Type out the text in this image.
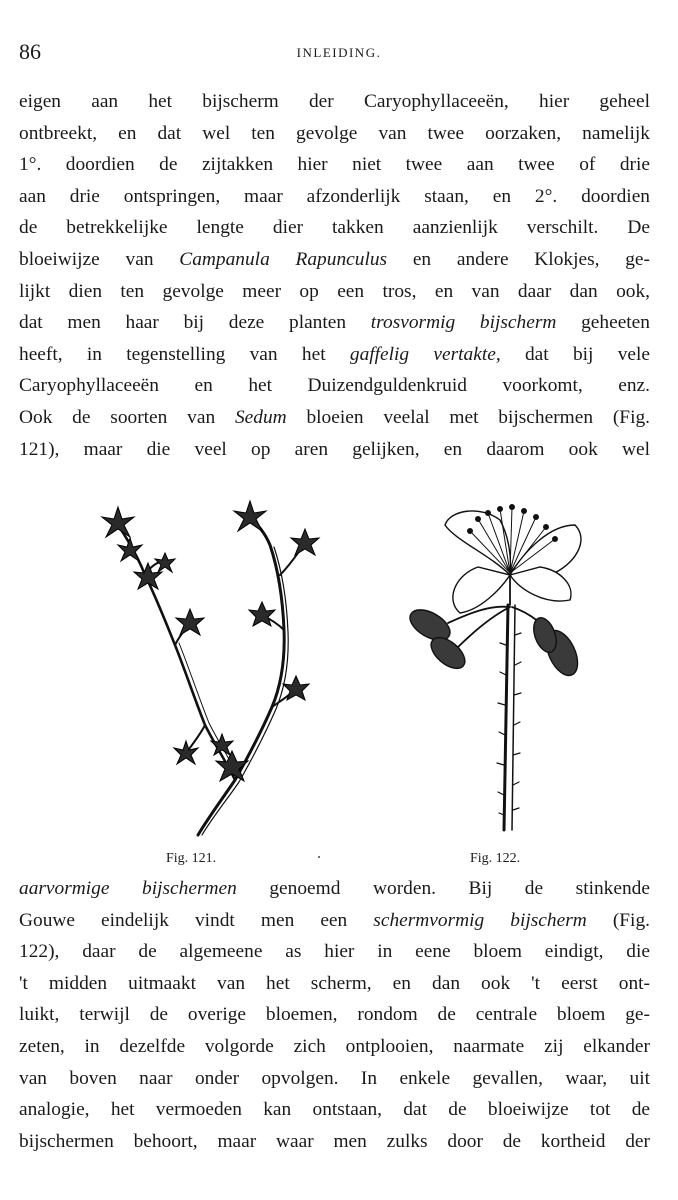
86	INLEIDING.
eigen aan het bijscherm der Caryophyllaceeën, hier geheel
ontbreekt, en dat wel ten gevolge van twee oorzaken, namelijk
1°. doordien de zijtakken hier niet twee aan twee of drie
aan drie ontspringen, maar afzonderlijk staan, en 2°. doordien
de betrekkelijke lengte dier takken aanzienlijk verschilt. De
bloeiwijze van Campanula Rapunculus en andere Klokjes, ge-
lijkt dien ten gevolge meer op een tros, en van daar dan ook,
dat men haar bij deze planten trosvormig bijscherm geheeten
heeft, in tegenstelling van het gaffelig vertakte, dat bij vele
Caryophyllaceeën en het Duizendguldenkruid voorkomt, enz.
Ook de soorten van Sedum bloeien veelal met bijschermen (Fig.
121), maar die veel op aren gelijken, en daarom ook wel
Fig. 121.	Fig. 122.
aarvormige bijschermen genoemd worden. Bij de stinkende
Gouwe eindelijk vindt men een schermvormig bijscherm (Fig.
122), daar de algemeene as hier in eene bloem eindigt, die
't midden uitmaakt van het scherm, en dan ook 't eerst ont-
luikt, terwijl de overige bloemen, rondom de centrale bloem ge-
zeten, in dezelfde volgorde zich ontplooien, naarmate zij elkander
van boven naar onder opvolgen. In enkele gevallen, waar, uit
analogie, het vermoeden kan ontstaan, dat de bloeiwijze tot de
bijschermen behoort, maar waar men zulks door de kortheid der
